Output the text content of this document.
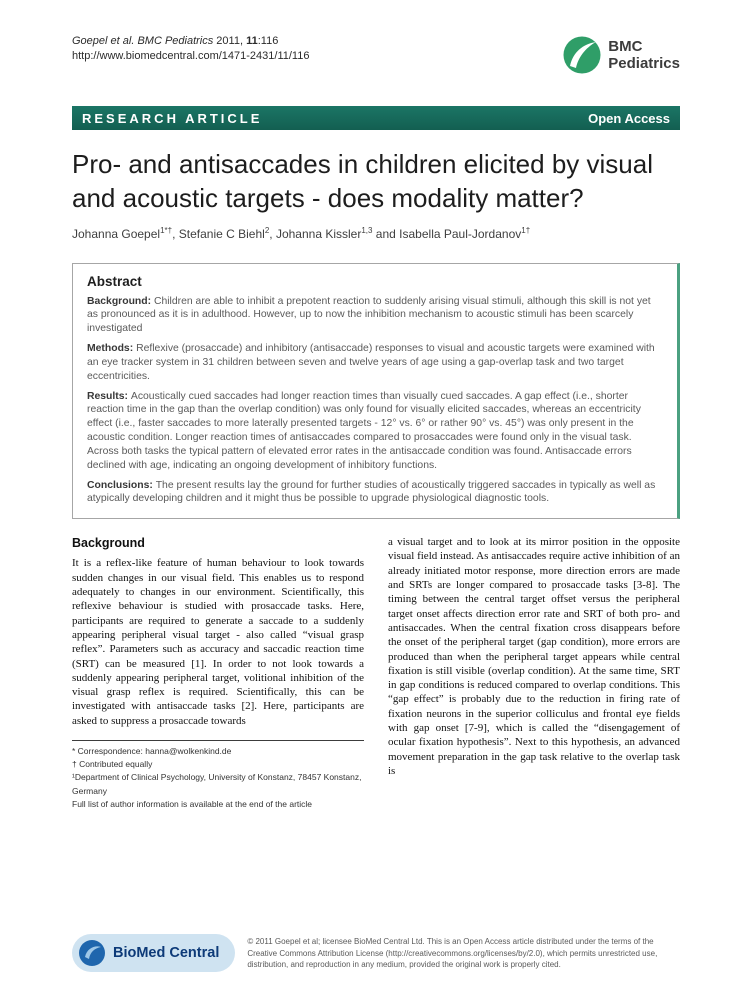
Goepel et al. BMC Pediatrics 2011, 11:116
http://www.biomedcentral.com/1471-2431/11/116
BMC
Pediatrics
RESEARCH ARTICLE	Open Access
Pro- and antisaccades in children elicited by visual and acoustic targets - does modality matter?
Johanna Goepel$^{1*\dagger}$, Stefanie C Biehl$^2$, Johanna Kissler$^{1,3}$ and Isabella Paul-Jordanov$^{1\dagger}$
Abstract

Background: Children are able to inhibit a prepotent reaction to suddenly arising visual stimuli, although this skill is not yet as pronounced as it is in adulthood. However, up to now the inhibition mechanism to acoustic stimuli has been scarcely investigated

Methods: Reflexive (prosaccade) and inhibitory (antisaccade) responses to visual and acoustic targets were examined with an eye tracker system in 31 children between seven and twelve years of age using a gap-overlap task and two target eccentricities.

Results: Acoustically cued saccades had longer reaction times than visually cued saccades. A gap effect (i.e., shorter reaction time in the gap than the overlap condition) was only found for visually elicited saccades, whereas an eccentricity effect (i.e., faster saccades to more laterally presented targets - 12° vs. 6° or rather 90° vs. 45°) was only present in the acoustic condition. Longer reaction times of antisaccades compared to prosaccades were found only in the visual task. Across both tasks the typical pattern of elevated error rates in the antisaccade condition was found. Antisaccade errors declined with age, indicating an ongoing development of inhibitory functions.

Conclusions: The present results lay the ground for further studies of acoustically triggered saccades in typically as well as atypically developing children and it might thus be possible to upgrade physiological diagnostic tools.

Background

It is a reflex-like feature of human behaviour to look towards sudden changes in our visual field. This enables us to respond adequately to changes in our environment. Scientifically, this reflexive behaviour is studied with prosaccade tasks. Here, participants are required to generate a saccade to a suddenly appearing peripheral visual target - also called “visual grasp reflex”. Parameters such as accuracy and saccadic reaction time (SRT) can be measured [1]. In order to not look towards a suddenly appearing peripheral target, volitional inhibition of the visual grasp reflex is required. Scientifically, this can be investigated with antisaccade tasks [2]. Here, participants are asked to suppress a prosaccade towards

* Correspondence: hanna@wolkenkind.de
† Contributed equally
¹Department of Clinical Psychology, University of Konstanz, 78457 Konstanz, Germany
Full list of author information is available at the end of the article

a visual target and to look at its mirror position in the opposite visual field instead. As antisaccades require active inhibition of an already initiated motor response, more direction errors are made and SRTs are longer compared to prosaccade tasks [3-8]. The timing between the central target offset versus the peripheral target onset affects direction error rate and SRT of both pro- and antisaccades. When the central fixation cross disappears before the onset of the peripheral target (gap condition), more errors are produced than when the peripheral target appears while central fixation is still visible (overlap condition). At the same time, SRT in gap conditions is reduced compared to overlap conditions. This “gap effect” is probably due to the reduction in firing rate of fixation neurons in the superior colliculus and frontal eye fields with gap onset [7-9], which is called the “disengagement of ocular fixation hypothesis”. Next to this hypothesis, an advanced movement preparation in the gap task relative to the overlap task is

BioMed Central
© 2011 Goepel et al; licensee BioMed Central Ltd. This is an Open Access article distributed under the terms of the Creative Commons Attribution License (http://creativecommons.org/licenses/by/2.0), which permits unrestricted use, distribution, and reproduction in any medium, provided the original work is properly cited.
